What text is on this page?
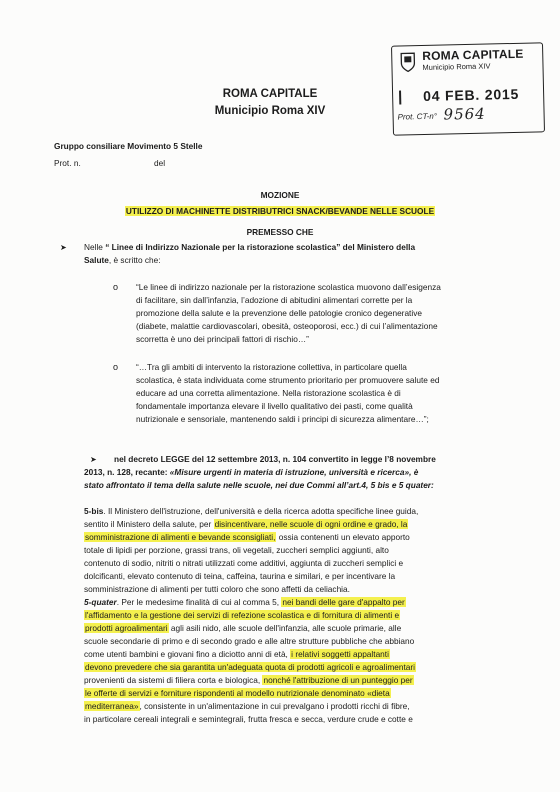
ROMA CAPITALE
Municipio Roma XIV
04 FEB. 2015
Prot. CT-n° 9564
ROMA CAPITALE
Municipio Roma XIV
Gruppo consiliare Movimento 5 Stelle
Prot. n.	del
MOZIONE
UTILIZZO DI MACHINETTE DISTRIBUTRICI SNACK/BEVANDE NELLE SCUOLE
PREMESSO CHE
➤ Nelle “ Linee di Indirizzo Nazionale per la ristorazione scolastica” del Ministero della
Salute, è scritto che:
o “Le linee di indirizzo nazionale per la ristorazione scolastica muovono dall’esigenza
di facilitare, sin dall’infanzia, l’adozione di abitudini alimentari corrette per la
promozione della salute e la prevenzione delle patologie cronico degenerative
(diabete, malattie cardiovascolari, obesità, osteoporosi, ecc.) di cui l’alimentazione
scorretta è uno dei principali fattori di rischio…”
o “…Tra gli ambiti di intervento la ristorazione collettiva, in particolare quella
scolastica, è stata individuata come strumento prioritario per promuovere salute ed
educare ad una corretta alimentazione. Nella ristorazione scolastica è di
fondamentale importanza elevare il livello qualitativo dei pasti, come qualità
nutrizionale e sensoriale, mantenendo saldi i principi di sicurezza alimentare…”;
➤ nel decreto LEGGE del 12 settembre 2013, n. 104 convertito in legge l’8 novembre
2013, n. 128, recante: «Misure urgenti in materia di istruzione, università e ricerca», è
stato affrontato il tema della salute nelle scuole, nei due Commi all’art.4, 5 bis e 5 quater:
5-bis. Il Ministero dell'istruzione, dell'università e della ricerca adotta specifiche linee guida,
sentito il Ministero della salute, per disincentivare, nelle scuole di ogni ordine e grado, la
somministrazione di alimenti e bevande sconsigliati, ossia contenenti un elevato apporto
totale di lipidi per porzione, grassi trans, oli vegetali, zuccheri semplici aggiunti, alto
contenuto di sodio, nitriti o nitrati utilizzati come additivi, aggiunta di zuccheri semplici e
dolcificanti, elevato contenuto di teina, caffeina, taurina e similari, e per incentivare la
somministrazione di alimenti per tutti coloro che sono affetti da celiachia.
5-quater. Per le medesime finalità di cui al comma 5, nei bandi delle gare d'appalto per
l'affidamento e la gestione dei servizi di refezione scolastica e di fornitura di alimenti e
prodotti agroalimentari agli asili nido, alle scuole dell'infanzia, alle scuole primarie, alle
scuole secondarie di primo e di secondo grado e alle altre strutture pubbliche che abbiano
come utenti bambini e giovani fino a diciotto anni di età, i relativi soggetti appaltanti
devono prevedere che sia garantita un'adeguata quota di prodotti agricoli e agroalimentari
provenienti da sistemi di filiera corta e biologica, nonché l'attribuzione di un punteggio per
le offerte di servizi e forniture rispondenti al modello nutrizionale denominato «dieta
mediterranea», consistente in un'alimentazione in cui prevalgano i prodotti ricchi di fibre,
in particolare cereali integrali e semintegrali, frutta fresca e secca, verdure crude e cotte e
